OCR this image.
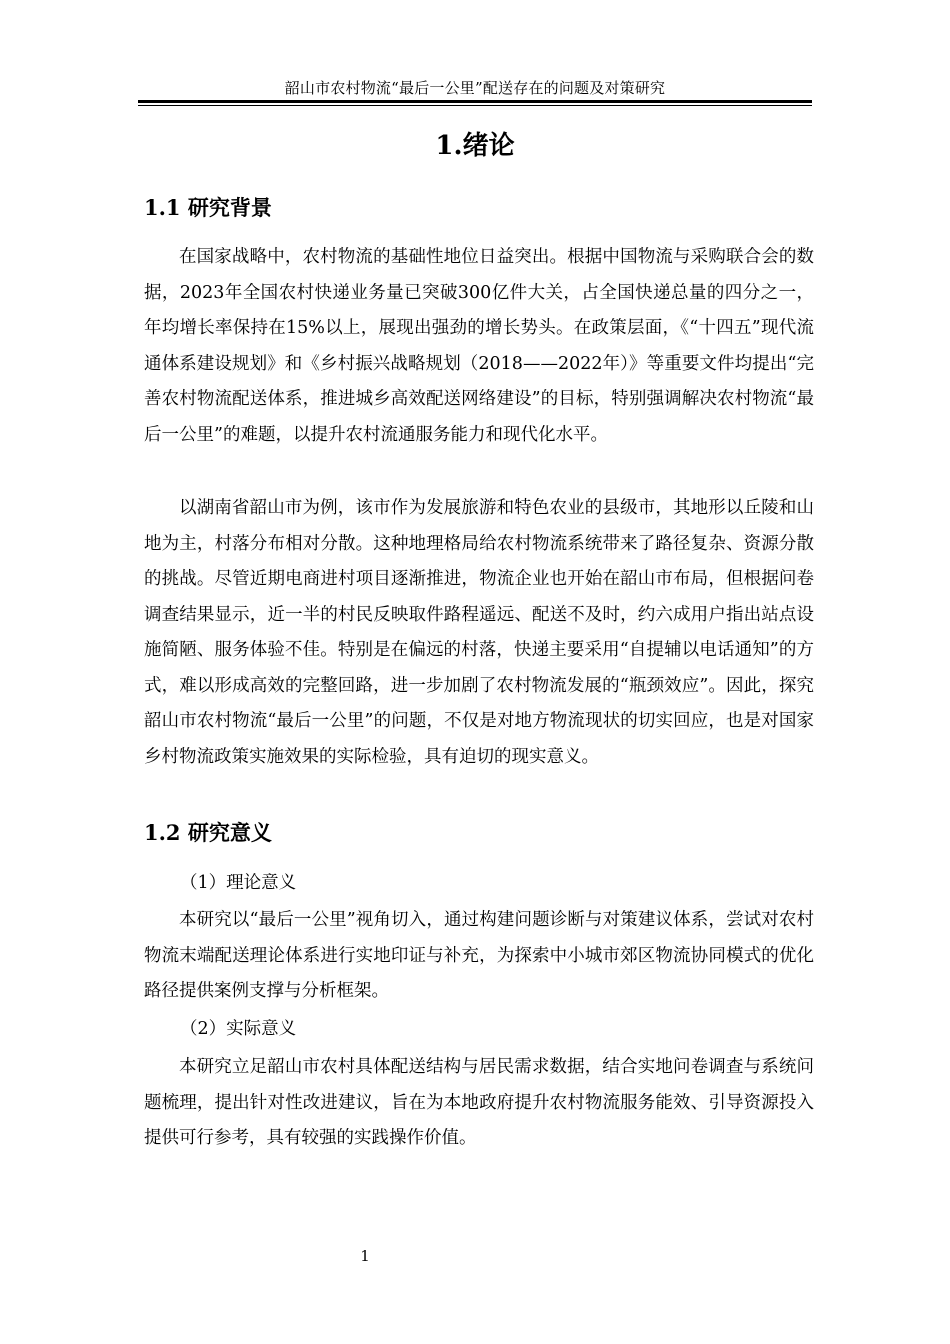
韶山市农村物流“最后一公里”配送存在的问题及对策研究
1.绪论
1.1 研究背景

在国家战略中，农村物流的基础性地位日益突出。根据中国物流与采购联合会的数据，2023年全国农村快递业务量已突破300亿件大关，占全国快递总量的四分之一，年均增长率保持在15%以上，展现出强劲的增长势头。在政策层面，《“十四五”现代流通体系建设规划》和《乡村振兴战略规划（2018——2022年）》等重要文件均提出“完善农村物流配送体系，推进城乡高效配送网络建设”的目标，特别强调解决农村物流“最后一公里”的难题，以提升农村流通服务能力和现代化水平。

以湖南省韶山市为例，该市作为发展旅游和特色农业的县级市，其地形以丘陵和山地为主，村落分布相对分散。这种地理格局给农村物流系统带来了路径复杂、资源分散的挑战。尽管近期电商进村项目逐渐推进，物流企业也开始在韶山市布局，但根据问卷调查结果显示，近一半的村民反映取件路程遥远、配送不及时，约六成用户指出站点设施简陋、服务体验不佳。特别是在偏远的村落，快递主要采用“自提辅以电话通知”的方式，难以形成高效的完整回路，进一步加剧了农村物流发展的“瓶颈效应”。因此，探究韶山市农村物流“最后一公里”的问题，不仅是对地方物流现状的切实回应，也是对国家乡村物流政策实施效果的实际检验，具有迫切的现实意义。

1.2 研究意义
（1）理论意义

本研究以“最后一公里”视角切入，通过构建问题诊断与对策建议体系，尝试对农村物流末端配送理论体系进行实地印证与补充，为探索中小城市郊区物流协同模式的优化路径提供案例支撑与分析框架。

（2）实际意义

本研究立足韶山市农村具体配送结构与居民需求数据，结合实地问卷调查与系统问题梳理，提出针对性改进建议，旨在为本地政府提升农村物流服务能效、引导资源投入提供可行参考，具有较强的实践操作价值。

1
